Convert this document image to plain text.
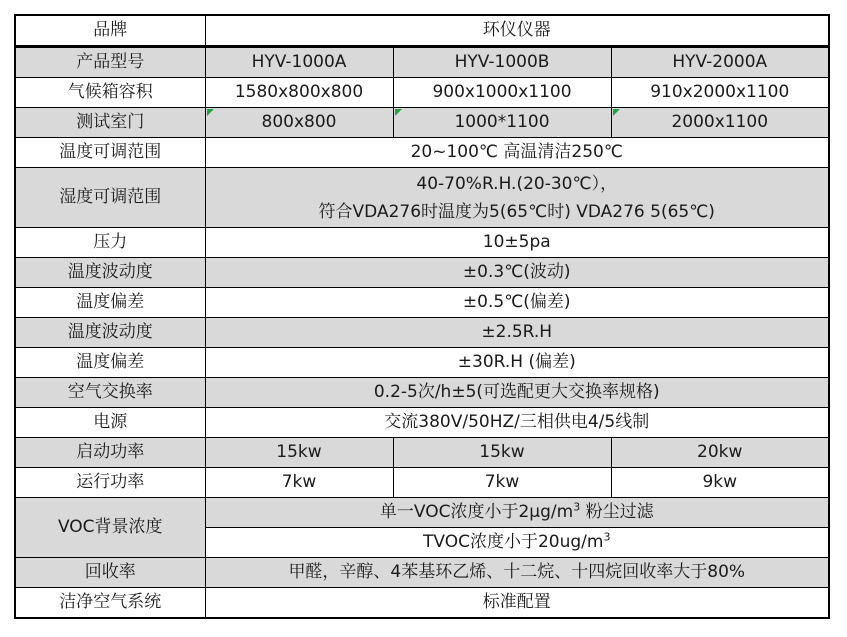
品牌	环仪仪器		
产品型号	HYV-1000A	HYV-1000B	HYV-2000A
气候箱容积	1580x800x800	900x1000x1100	910x2000x1100
测试室门	800x800	1000*1100	2000x1100
温度可调范围	20~100℃ 高温清洁250℃		
湿度可调范围	40-70%R.H.(20-30℃），
符合VDA276时温度为5(65℃时) VDA276 5(65℃)		

压力	10±5pa		
温度波动度	±0.3℃(波动)		
温度偏差	±0.5℃(偏差)		
温度波动度	±2.5R.H		
温度偏差	±30R.H (偏差)		
空气交换率	0.2-5次/h±5(可选配更大交换率规格)		
电源	交流380V/50HZ/三相供电4/5线制		
启动功率	15kw	15kw	20kw
运行功率	7kw	7kw	9kw
VOC背景浓度	单一VOC浓度小于$2\mu g/m^3$ 粉尘过滤		
	TVOC浓度小于$20ug/m^3$
回收率	甲醛，辛醇、4苯基环乙烯、十二烷、十四烷回收率大于80%		
洁净空气系统	标准配置		
